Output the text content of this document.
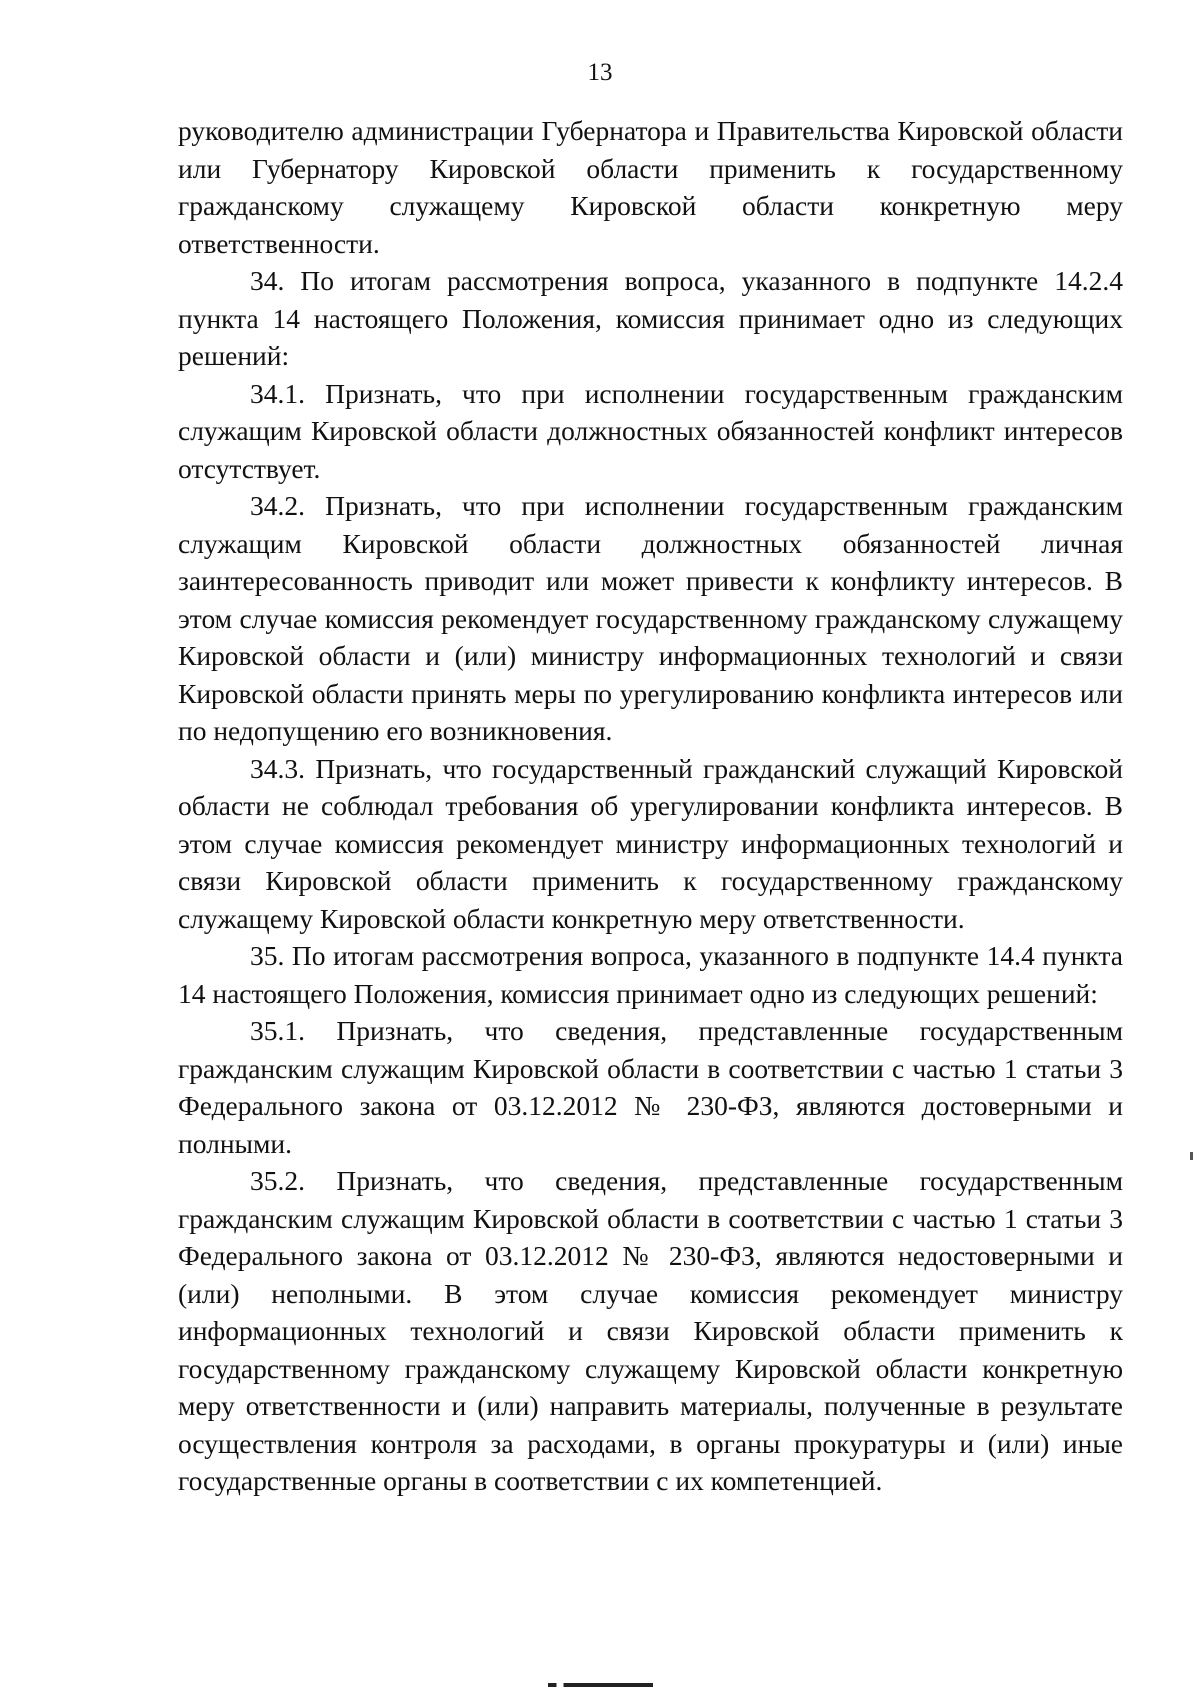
13

руководителю администрации Губернатора и Правительства Кировской области или Губернатору Кировской области применить к государственному гражданскому служащему Кировской области конкретную меру ответственности.

34. По итогам рассмотрения вопроса, указанного в подпункте 14.2.4 пункта 14 настоящего Положения, комиссия принимает одно из следующих решений:

34.1. Признать, что при исполнении государственным гражданским служащим Кировской области должностных обязанностей конфликт интересов отсутствует.

34.2. Признать, что при исполнении государственным гражданским служащим Кировской области должностных обязанностей личная заинтересованность приводит или может привести к конфликту интересов. В этом случае комиссия рекомендует государственному гражданскому служащему Кировской области и (или) министру информационных технологий и связи Кировской области принять меры по урегулированию конфликта интересов или по недопущению его возникновения.

34.3. Признать, что государственный гражданский служащий Кировской области не соблюдал требования об урегулировании конфликта интересов. В этом случае комиссия рекомендует министру информационных технологий и связи Кировской области применить к государственному гражданскому служащему Кировской области конкретную меру ответственности.

35. По итогам рассмотрения вопроса, указанного в подпункте 14.4 пункта 14 настоящего Положения, комиссия принимает одно из следующих решений:

35.1. Признать, что сведения, представленные государственным гражданским служащим Кировской области в соответствии с частью 1 статьи 3 Федерального закона от 03.12.2012 № 230-ФЗ, являются достоверными и полными.

35.2. Признать, что сведения, представленные государственным гражданским служащим Кировской области в соответствии с частью 1 статьи 3 Федерального закона от 03.12.2012 № 230-ФЗ, являются недостоверными и (или) неполными. В этом случае комиссия рекомендует министру информационных технологий и связи Кировской области применить к государственному гражданскому служащему Кировской области конкретную меру ответственности и (или) направить материалы, полученные в результате осуществления контроля за расходами, в органы прокуратуры и (или) иные государственные органы в соответствии с их компетенцией.
